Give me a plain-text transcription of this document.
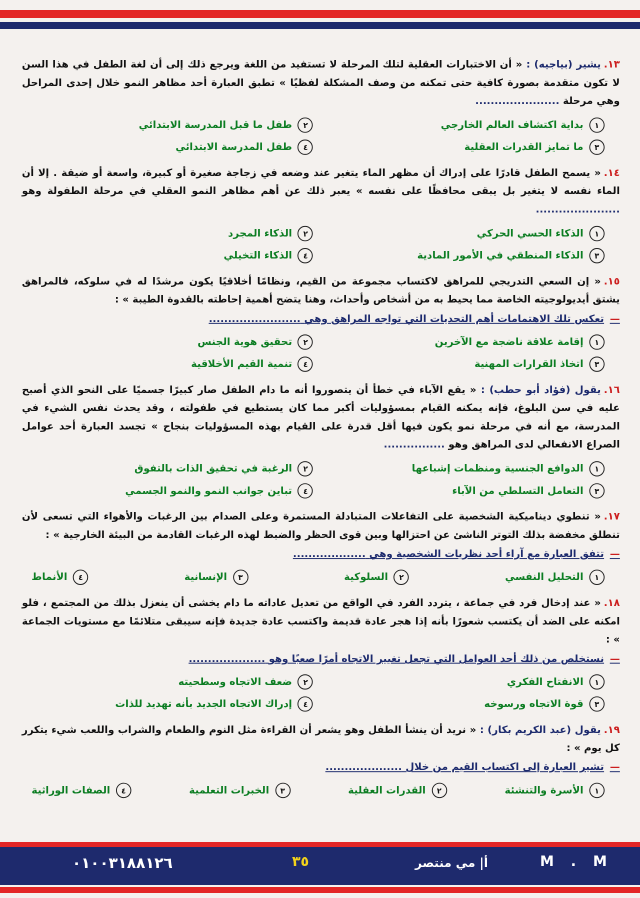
١٣.يشير (بياجيه) : « أن الاختبارات العقلية لتلك المرحلة لا تستفيد من اللغة ويرجع ذلك إلى أن لغة الطفل في هذا السن لا تكون متقدمة بصورة كافية حتى تمكنه من وصف المشكلة لفظيًا » تطبق العبارة أحد مظاهر النمو خلال إحدى المراحل وهي مرحلة ......................
١
بداية اكتشاف العالم الخارجي
٢
طفل ما قبل المدرسة الابتدائي
٣
ما تمايز القدرات العقلية
٤
طفل المدرسة الابتدائي
١٤.« يسمح الطفل قادرًا على إدراك أن مظهر الماء يتغير عند وضعه في زجاجة صغيرة أو كبيرة، واسعة أو ضيقة . إلا أن الماء نفسه لا يتغير بل يبقى محافظًا على نفسه » يعبر ذلك عن أهم مظاهر النمو العقلي في مرحلة الطفولة وهو ......................
١
الذكاء الحسي الحركي
٢
الذكاء المجرد
٣
الذكاء المنطقي في الأمور المادية
٤
الذكاء التخيلي
١٥.« إن السعي التدريجي للمراهق لاكتساب مجموعة من القيم، ونظامًا أخلاقيًا يكون مرشدًا له في سلوكه، فالمراهق يشتق أيديولوجيته الخاصة مما يحيط به من أشخاص وأحداث، وهنا يتضح أهمية إحاطته بالقدوة الطيبة » :
—تعكس تلك الاهتمامات أهم التحديات التي تواجه المراهق وهي ........................
١
إقامة علاقة ناضجة مع الآخرين
٢
تحقيق هوية الجنس
٣
اتخاذ القرارات المهنية
٤
تنمية القيم الأخلاقية
١٦.يقول (فؤاد أبو حطب) : « يقع الآباء في خطأ أن يتصوروا أنه ما دام الطفل صار كبيرًا جسميًا على النحو الذي أصبح عليه في سن البلوغ، فإنه يمكنه القيام بمسؤوليات أكبر مما كان يستطيع في طفولته ، وقد يحدث نفس الشيء في المدرسة، مع أنه في مرحلة نمو يكون فيها أقل قدرة على القيام بهذه المسؤوليات بنجاح » تجسد العبارة أحد عوامل الصراع الانفعالي لدى المراهق وهو ................
١
الدوافع الجنسية ومنظمات إشباعها
٢
الرغبة في تحقيق الذات بالتفوق
٣
التعامل التسلطي من الآباء
٤
تباين جوانب النمو والنمو الجسمي
١٧.« تنطوي ديناميكية الشخصية على التفاعلات المتبادلة المستمرة وعلى الصدام بين الرغبات والأهواء التي تسعى لأن تنطلق مخفضة بذلك التوتر الناشئ عن احتزالها وبين قوى الحظر والضبط لهذه الرغبات القادمة من البيئة الخارجية » :
—تتفق العبارة مع آراء أحد نظريات الشخصية وهي ...................
١
التحليل النفسي
٢
السلوكية
٣
الإنسانية
٤
الأنماط
١٨.« عند إدخال فرد في جماعة ، يتردد الفرد في الواقع من تعديل عاداته ما دام يخشى أن ينعزل بذلك من المجتمع ، فلو امكنه على الضد أن يكتسب شعورًا بأنه إذا هجر عادة قديمة واكتسب عادة جديدة فإنه سيبقى متلائمًا مع مستويات الجماعة » :
—نستخلص من ذلك أحد العوامل التي تجعل تغيير الاتجاه أمرًا صعبًا وهو ....................
١
الانفتاح الفكري
٢
ضعف الاتجاه وسطحيته
٣
قوة الاتجاه ورسوخه
٤
إدراك الاتجاه الجديد بأنه تهديد للذات
١٩.يقول (عبد الكريم بكار) : « نريد أن ينشأ الطفل وهو يشعر أن القراءة مثل النوم والطعام والشراب واللعب شيء يتكرر كل يوم » :
—تشير العبارة إلى اكتساب القيم من خلال ....................
١
الأسرة والتنشئة
٢
القدرات العقلية
٣
الخبرات التعلمية
٤
الصفات الوراثية
٠١٠٠٣١٨٨١٢٦	٣٥	أ| مي منتصر	M . M
